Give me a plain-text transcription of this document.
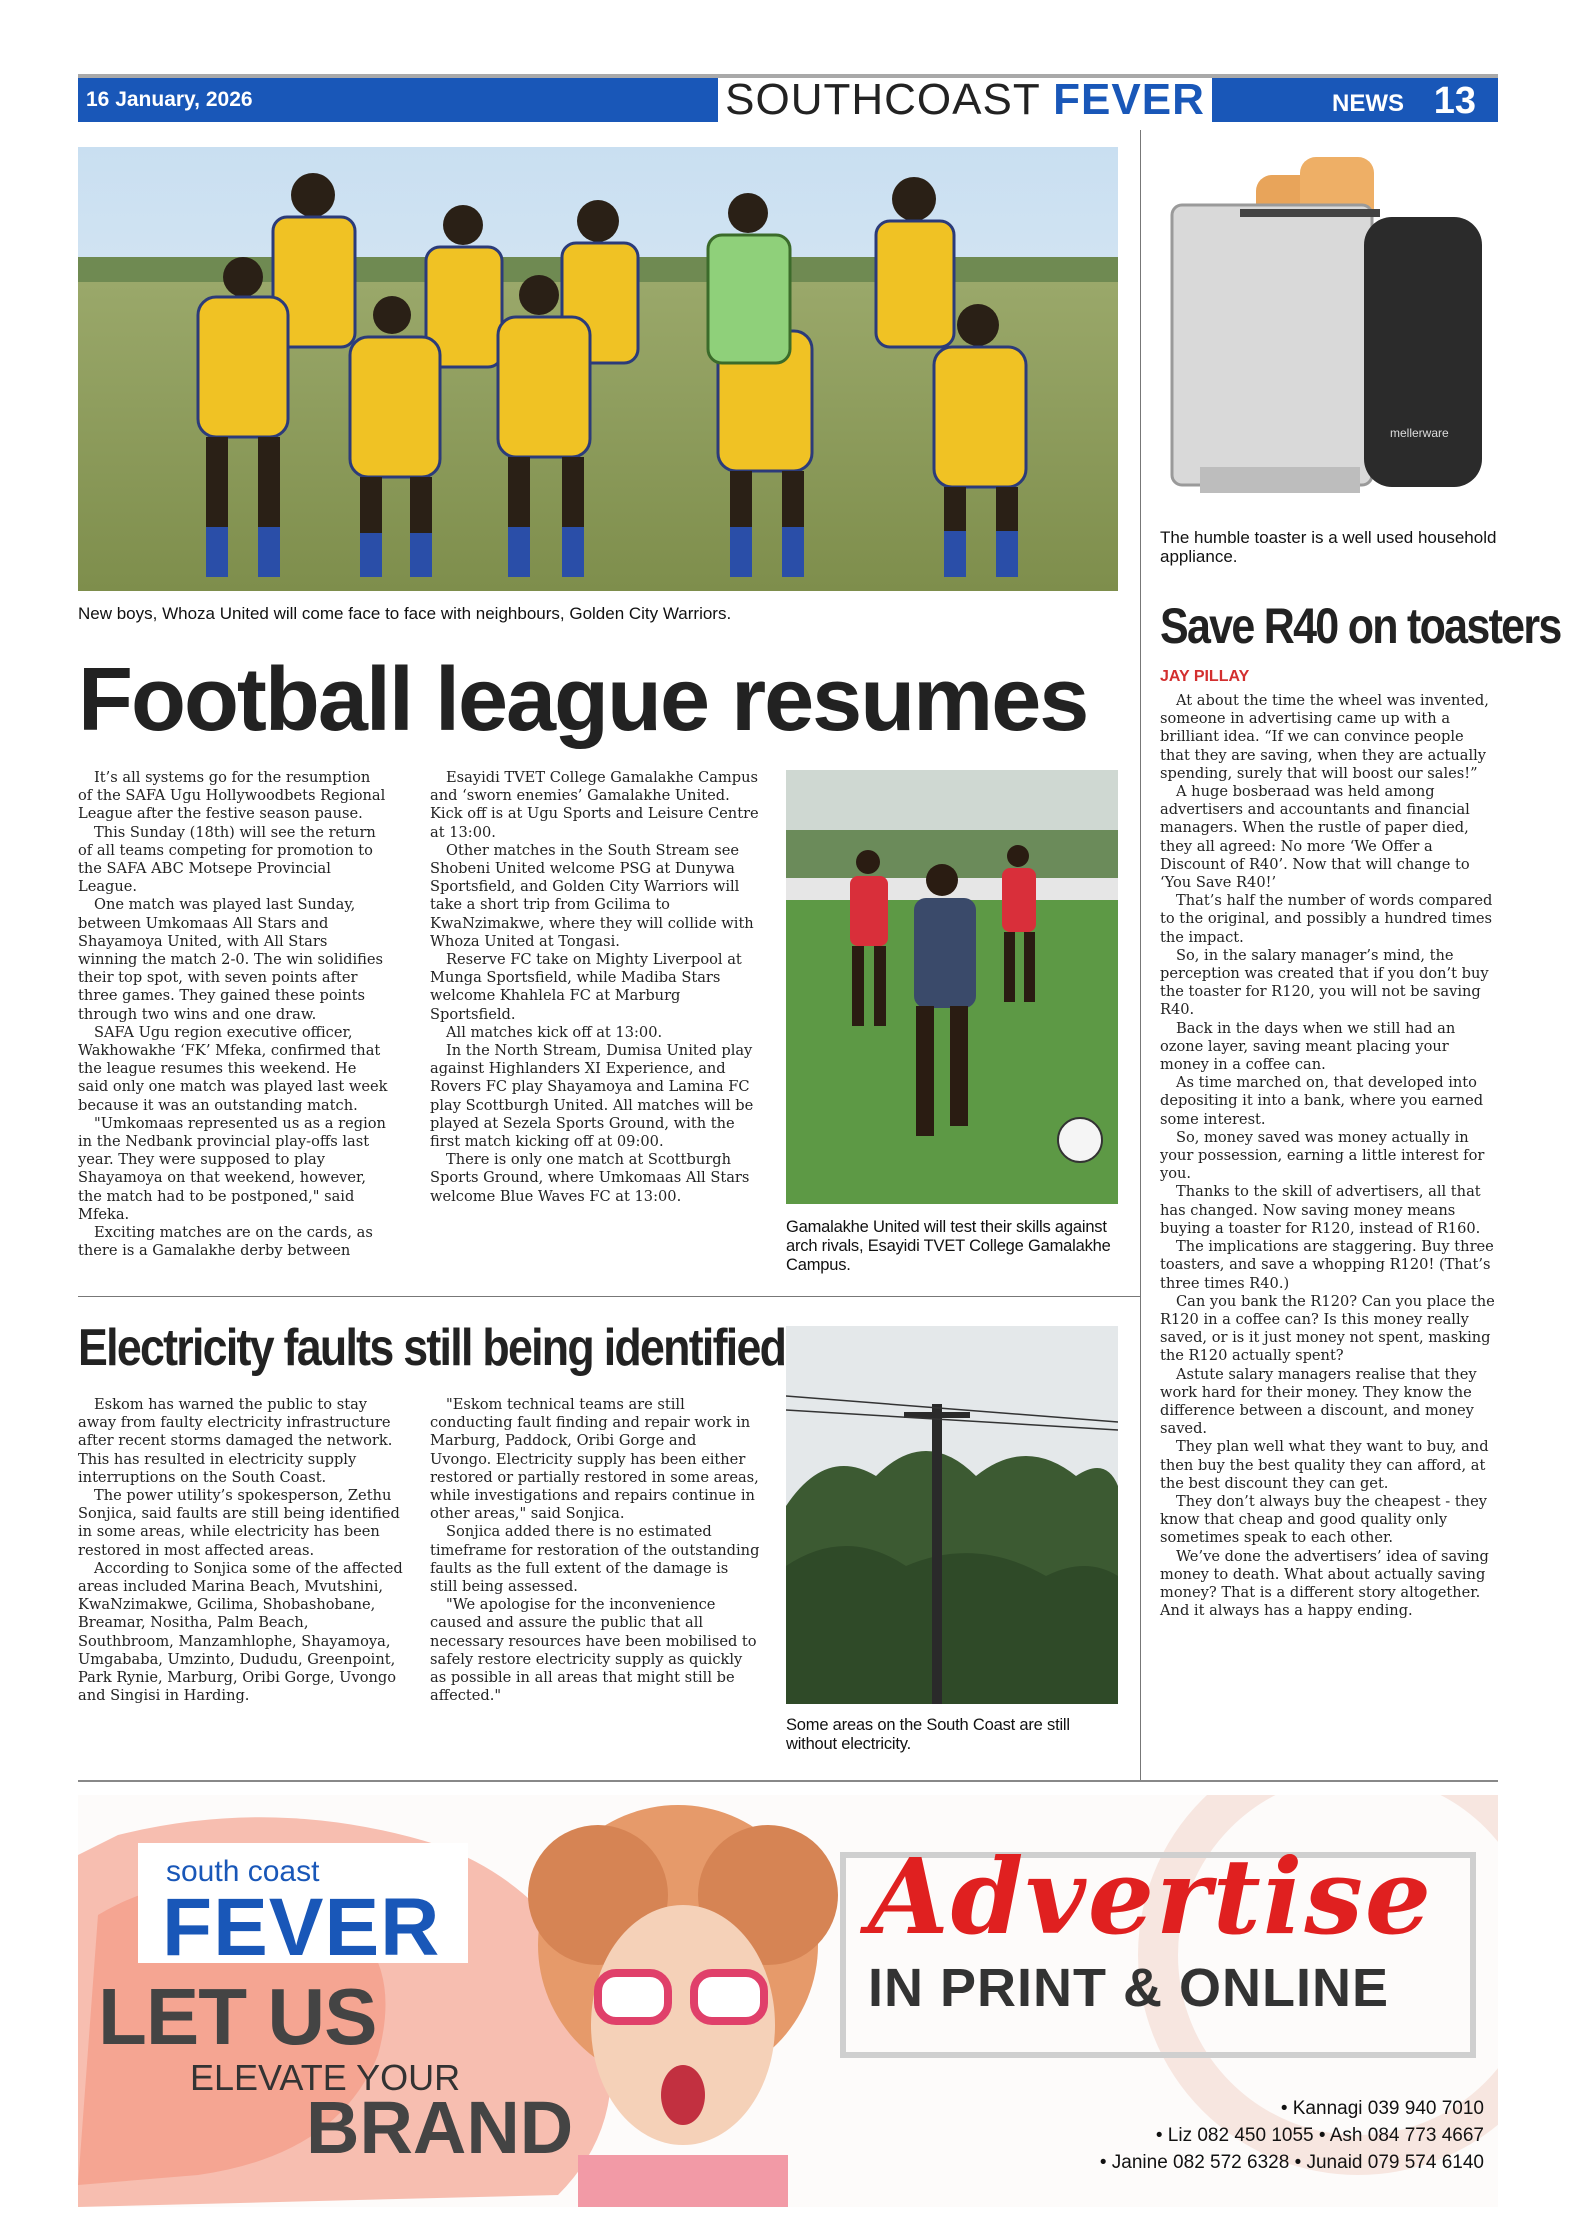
16 January, 2026	SOUTHCOAST FEVER	NEWS 13
New boys, Whoza United will come face to face with neighbours, Golden City Warriors.
mellerware
The humble toaster is a well used household appliance.
Football league resumes

It’s all systems go for the resumption of the SAFA Ugu Hollywoodbets Regional League after the festive season pause.

This Sunday (18th) will see the return of all teams competing for promotion to the SAFA ABC Motsepe Provincial League.

One match was played last Sunday, between Umkomaas All Stars and Shayamoya United, with All Stars winning the match 2-0. The win solidifies their top spot, with seven points after three games. They gained these points through two wins and one draw.

SAFA Ugu region executive officer, Wakhowakhe ‘FK’ Mfeka, confirmed that the league resumes this weekend. He said only one match was played last week because it was an outstanding match.

"Umkomaas represented us as a region in the Nedbank provincial play-offs last year. They were supposed to play Shayamoya on that weekend, however, the match had to be postponed," said Mfeka.

Exciting matches are on the cards, as there is a Gamalakhe derby between

Esayidi TVET College Gamalakhe Campus and ‘sworn enemies’ Gamalakhe United. Kick off is at Ugu Sports and Leisure Centre at 13:00.

Other matches in the South Stream see Shobeni United welcome PSG at Dunywa Sportsfield, and Golden City Warriors will take a short trip from Gcilima to KwaNzimakwe, where they will collide with Whoza United at Tongasi.

Reserve FC take on Mighty Liverpool at Munga Sportsfield, while Madiba Stars welcome Khahlela FC at Marburg Sportsfield.

All matches kick off at 13:00.

In the North Stream, Dumisa United play against Highlanders XI Experience, and Rovers FC play Shayamoya and Lamina FC play Scottburgh United. All matches will be played at Sezela Sports Ground, with the first match kicking off at 09:00.

There is only one match at Scottburgh Sports Ground, where Umkomaas All Stars welcome Blue Waves FC at 13:00.

Gamalakhe United will test their skills against arch rivals, Esayidi TVET College Gamalakhe Campus.
Electricity faults still being identified

Eskom has warned the public to stay away from faulty electricity infrastructure after recent storms damaged the network. This has resulted in electricity supply interruptions on the South Coast.

The power utility’s spokesperson, Zethu Sonjica, said faults are still being identified in some areas, while electricity has been restored in most affected areas.

According to Sonjica some of the affected areas included Marina Beach, Mvutshini, KwaNzimakwe, Gcilima, Shobashobane, Breamar, Nositha, Palm Beach, Southbroom, Manzamhlophe, Shayamoya, Umgababa, Umzinto, Dududu, Greenpoint, Park Rynie, Marburg, Oribi Gorge, Uvongo and Singisi in Harding.

"Eskom technical teams are still conducting fault finding and repair work in Marburg, Paddock, Oribi Gorge and Uvongo. Electricity supply has been either restored or partially restored in some areas, while investigations and repairs continue in other areas," said Sonjica.

Sonjica added there is no estimated timeframe for restoration of the outstanding faults as the full extent of the damage is still being assessed.

"We apologise for the inconvenience caused and assure the public that all necessary resources have been mobilised to safely restore electricity supply as quickly as possible in all areas that might still be affected."

Some areas on the South Coast are still without electricity.
Save R40 on toasters
JAY PILLAY

At about the time the wheel was invented, someone in advertising came up with a brilliant idea. “If we can convince people that they are saving, when they are actually spending, surely that will boost our sales!”

A huge bosberaad was held among advertisers and accountants and financial managers. When the rustle of paper died, they all agreed: No more ‘We Offer a Discount of R40’. Now that will change to ‘You Save R40!’

That’s half the number of words compared to the original, and possibly a hundred times the impact.

So, in the salary manager’s mind, the perception was created that if you don’t buy the toaster for R120, you will not be saving R40.

Back in the days when we still had an ozone layer, saving meant placing your money in a coffee can.

As time marched on, that developed into depositing it into a bank, where you earned some interest.

So, money saved was money actually in your possession, earning a little interest for you.

Thanks to the skill of advertisers, all that has changed. Now saving money means buying a toaster for R120, instead of R160.

The implications are staggering. Buy three toasters, and save a whopping R120! (That’s three times R40.)

Can you bank the R120? Can you place the R120 in a coffee can? Is this money really saved, or is it just money not spent, masking the R120 actually spent?

Astute salary managers realise that they work hard for their money. They know the difference between a discount, and money saved.

They plan well what they want to buy, and then buy the best quality they can afford, at the best discount they can get.

They don’t always buy the cheapest - they know that cheap and good quality only sometimes speak to each other.

We’ve done the advertisers’ idea of saving money to death. What about actually saving money? That is a different story altogether. And it always has a happy ending.

south coast
FEVER
LET US
ELEVATE YOUR
BRAND
Advertise
IN PRINT & ONLINE
• Kannagi 039 940 7010
• Liz 082 450 1055 • Ash 084 773 4667
• Janine 082 572 6328 • Junaid 079 574 6140
